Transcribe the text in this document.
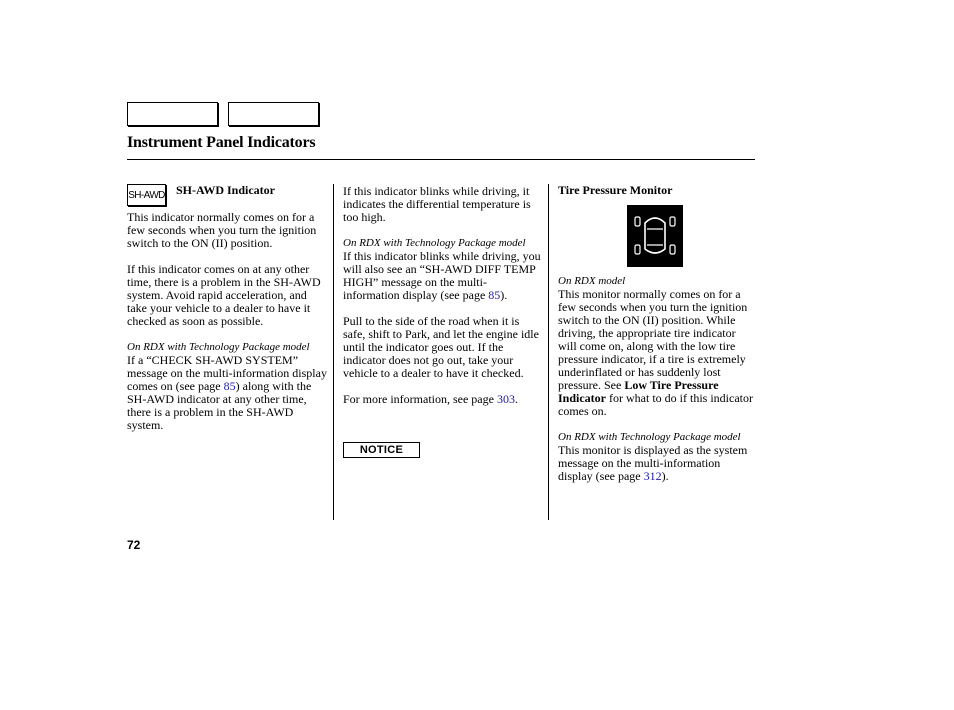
Instrument Panel Indicators
SH-AWD SH-AWD Indicator

This indicator normally comes on for a few seconds when you turn the ignition switch to the ON (II) position.

If this indicator comes on at any other time, there is a problem in the SH-AWD system. Avoid rapid acceleration, and take your vehicle to a dealer to have it checked as soon as possible.

On RDX with Technology Package model

If a “CHECK SH-AWD SYSTEM” message on the multi-information display comes on (see page 85) along with the SH-AWD indicator at any other time, there is a problem in the SH-AWD system.

If this indicator blinks while driving, it indicates the differential temperature is too high.

On RDX with Technology Package model

If this indicator blinks while driving, you will also see an “SH-AWD DIFF TEMP HIGH” message on the multi-information display (see page 85).

Pull to the side of the road when it is safe, shift to Park, and let the engine idle until the indicator goes out. If the indicator does not go out, take your vehicle to a dealer to have it checked.

For more information, see page 303.

NOTICE
Tire Pressure Monitor

On RDX model

This monitor normally comes on for a few seconds when you turn the ignition switch to the ON (II) position. While driving, the appropriate tire indicator will come on, along with the low tire pressure indicator, if a tire is extremely underinflated or has suddenly lost pressure. See Low Tire Pressure Indicator for what to do if this indicator comes on.

On RDX with Technology Package model

This monitor is displayed as the system message on the multi-information display (see page 312).

72
